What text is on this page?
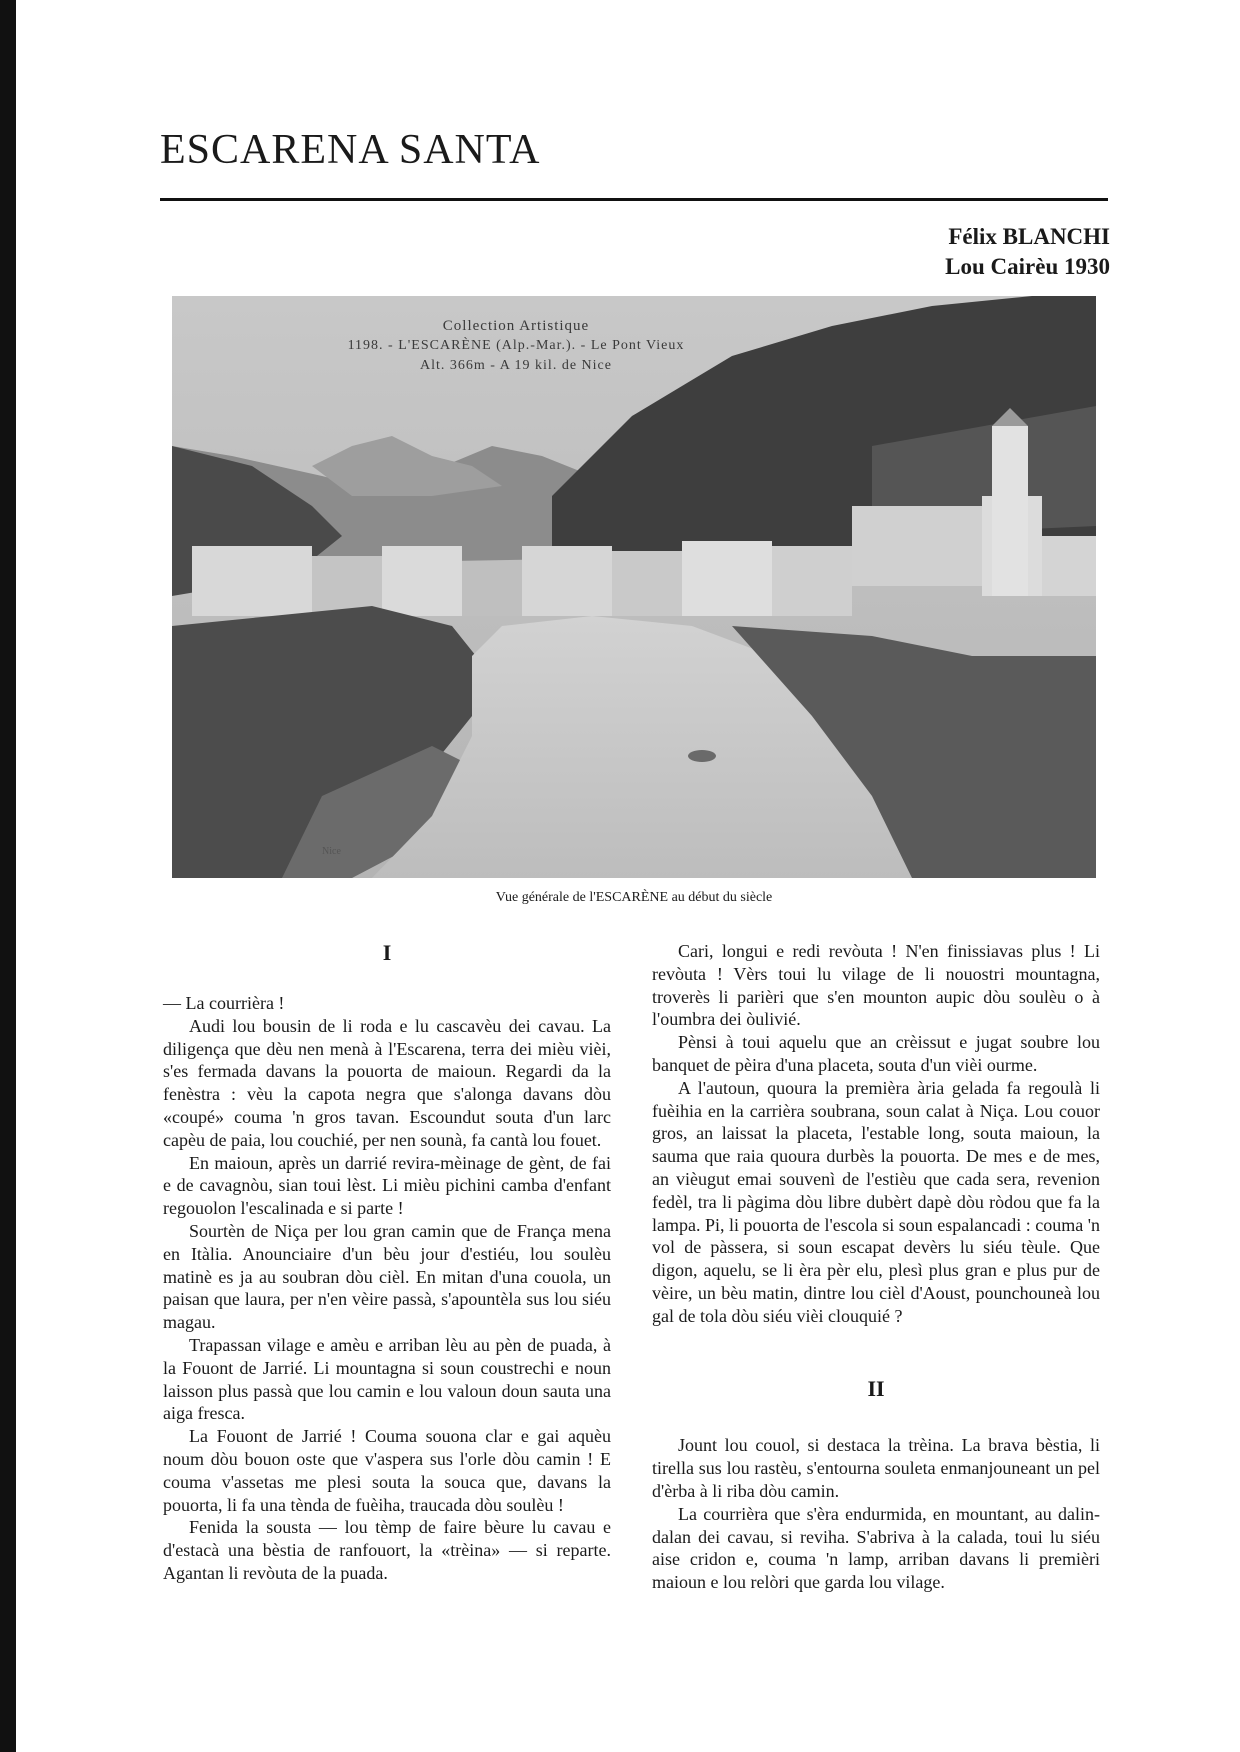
ESCARENA SANTA
Félix BLANCHI
Lou Cairèu 1930
Collection Artistique
1198. - L'ESCARÈNE (Alp.-Mar.). - Le Pont Vieux
Alt. 366m - A 19 kil. de Nice
Nice
Vue générale de l'ESCARÈNE au début du siècle
I

— La courrièra !

Audi lou bousin de li roda e lu cascavèu dei cavau. La diligença que dèu nen menà à l'Escarena, terra dei mièu vièi, s'es fermada davans la pouorta de maioun. Regardi da la fenèstra : vèu la capota negra que s'alonga davans dòu «coupé» couma 'n gros tavan. Escoundut souta d'un larc capèu de paia, lou couchié, per nen sounà, fa cantà lou fouet.

En maioun, après un darrié revira-mèinage de gènt, de fai e de cavagnòu, sian toui lèst. Li mièu pichini camba d'enfant regouolon l'escalinada e si parte !

Sourtèn de Niça per lou gran camin que de França mena en Itàlia. Anounciaire d'un bèu jour d'estiéu, lou soulèu matinè es ja au soubran dòu cièl. En mitan d'una couola, un paisan que laura, per n'en vèire passà, s'apountèla sus lou siéu magau.

Trapassan vilage e amèu e arriban lèu au pèn de puada, à la Fouont de Jarrié. Li mountagna si soun coustrechi e noun laisson plus passà que lou camin e lou valoun doun sauta una aiga fresca.

La Fouont de Jarrié ! Couma souona clar e gai aquèu noum dòu bouon oste que v'aspera sus l'orle dòu camin ! E couma v'assetas me plesi souta la souca que, davans la pouorta, li fa una tènda de fuèiha, traucada dòu soulèu !

Fenida la sousta — lou tèmp de faire bèure lu cavau e d'estacà una bèstia de ranfouort, la «trèina» — si reparte. Agantan li revòuta de la puada.

Cari, longui e redi revòuta ! N'en finissiavas plus ! Li revòuta ! Vèrs toui lu vilage de li nouostri mountagna, troverès li parièri que s'en mounton aupic dòu soulèu o à l'oumbra dei òulivié.

Pènsi à toui aquelu que an crèissut e jugat soubre lou banquet de pèira d'una placeta, souta d'un vièi ourme.

A l'autoun, quoura la premièra ària gelada fa regoulà li fuèihia en la carrièra soubrana, soun calat à Niça. Lou couor gros, an laissat la placeta, l'estable long, souta maioun, la sauma que raia quoura durbès la pouorta. De mes e de mes, an vièugut emai souvenì de l'estièu que cada sera, revenion fedèl, tra li pàgima dòu libre dubèrt dapè dòu ròdou que fa la lampa. Pi, li pouorta de l'escola si soun espalancadi : couma 'n vol de pàssera, si soun escapat devèrs lu siéu tèule. Que digon, aquelu, se li èra pèr elu, plesì plus gran e plus pur de vèire, un bèu matin, dintre lou cièl d'Aoust, pounchouneà lou gal de tola dòu siéu vièi clouquié ?

II

Jount lou couol, si destaca la trèina. La brava bèstia, li tirella sus lou rastèu, s'entourna souleta enmanjouneant un pel d'èrba à li riba dòu camin.

La courrièra que s'èra endurmida, en mountant, au dalin-dalan dei cavau, si reviha. S'abriva à la calada, toui lu siéu aise cridon e, couma 'n lamp, arriban davans li premièri maioun e lou relòri que garda lou vilage.
